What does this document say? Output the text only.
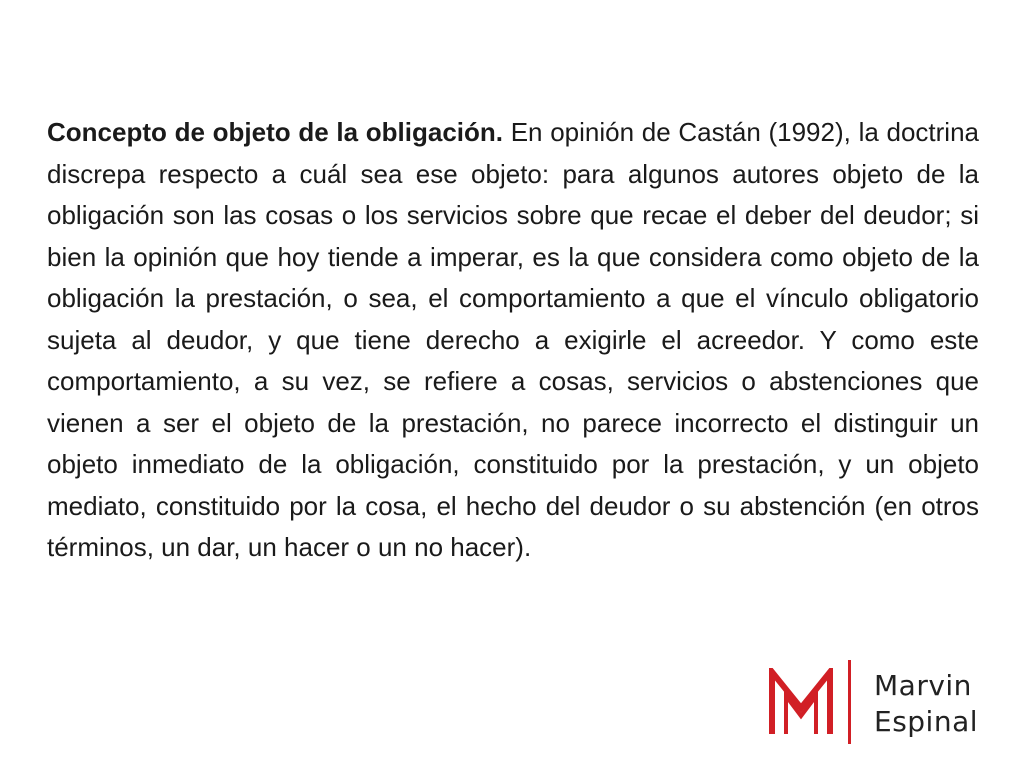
Concepto de objeto de la obligación. En opinión de Castán (1992), la doctrina discrepa respecto a cuál sea ese objeto: para algunos autores objeto de la obligación son las cosas o los servicios sobre que recae el deber del deudor; si bien la opinión que hoy tiende a imperar, es la que considera como objeto de la obligación la prestación, o sea, el comportamiento a que el vínculo obligatorio sujeta al deudor, y que tiene derecho a exigirle el acreedor. Y como este comportamiento, a su vez, se refiere a cosas, servicios o abstenciones que vienen a ser el objeto de la prestación, no parece incorrecto el distinguir un objeto inmediato de la obligación, constituido por la prestación, y un objeto mediato, constituido por la cosa, el hecho del deudor o su abstención (en otros términos, un dar, un hacer o un no hacer).

Marvin
Espinal
